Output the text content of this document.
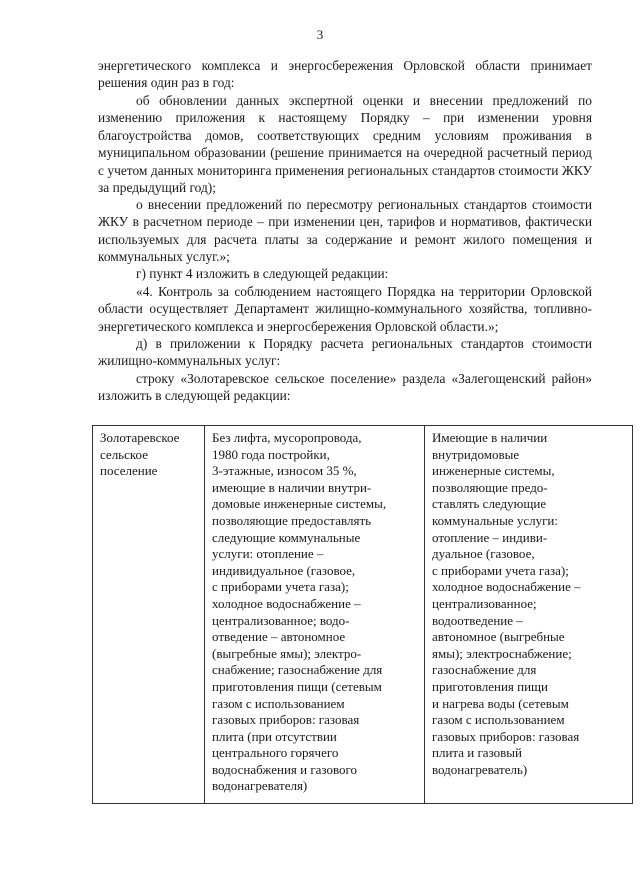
3

энергетического комплекса и энергосбережения Орловской области принимает решения один раз в год:

об обновлении данных экспертной оценки и внесении предложений по изменению приложения к настоящему Порядку – при изменении уровня благоустройства домов, соответствующих средним условиям проживания в муниципальном образовании (решение принимается на очередной расчетный период с учетом данных мониторинга применения региональных стандартов стоимости ЖКУ за предыдущий год);

о внесении предложений по пересмотру региональных стандартов стоимости ЖКУ в расчетном периоде – при изменении цен, тарифов и нормативов, фактически используемых для расчета платы за содержание и ремонт жилого помещения и коммунальных услуг.»;

г) пункт 4 изложить в следующей редакции:

«4. Контроль за соблюдением настоящего Порядка на территории Орловской области осуществляет Департамент жилищно-коммунального хозяйства, топливно-энергетического комплекса и энергосбережения Орловской области.»;

д) в приложении к Порядку расчета региональных стандартов стоимости жилищно-коммунальных услуг:

строку «Золотаревское сельское поселение» раздела «Залегощенский район» изложить в следующей редакции:

Золотаревское
сельское
поселение	Без лифта, мусоропровода,
1980 года постройки,
3-этажные, износом 35 %,
имеющие в наличии внутри-
домовые инженерные системы,
позволяющие предоставлять
следующие коммунальные
услуги: отопление –
индивидуальное (газовое,
с приборами учета газа);
холодное водоснабжение –
централизованное; водо-
отведение – автономное
(выгребные ямы); электро-
снабжение; газоснабжение для
приготовления пищи (сетевым
газом с использованием
газовых приборов: газовая
плита (при отсутствии
центрального горячего
водоснабжения и газового
водонагревателя)	Имеющие в наличии
внутридомовые
инженерные системы,
позволяющие предо-
ставлять следующие
коммунальные услуги:
отопление – индиви-
дуальное (газовое,
с приборами учета газа);
холодное водоснабжение –
централизованное;
водоотведение –
автономное (выгребные
ямы); электроснабжение;
газоснабжение для
приготовления пищи
и нагрева воды (сетевым
газом с использованием
газовых приборов: газовая
плита и газовый
водонагреватель)
